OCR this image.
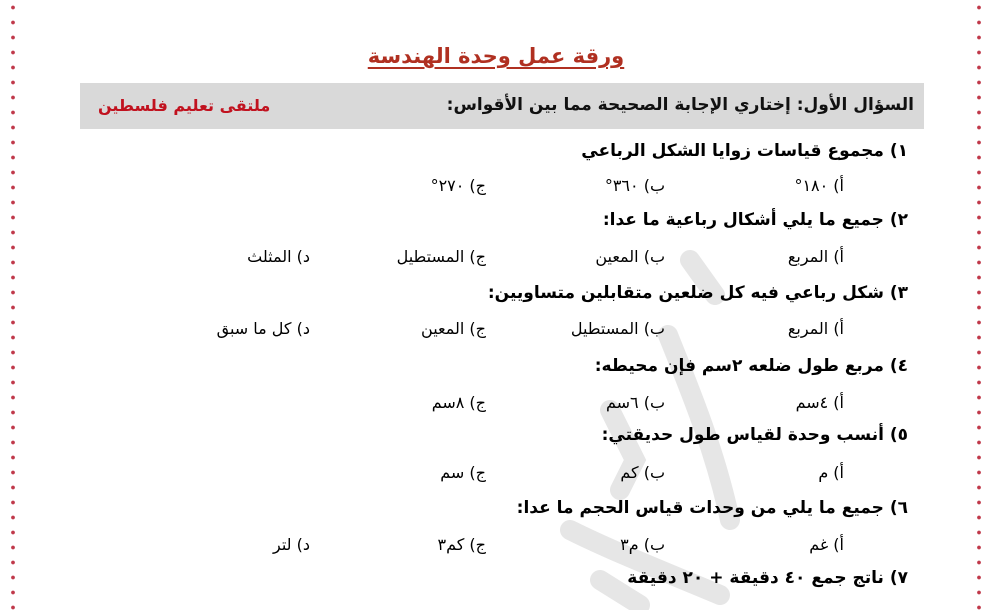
ورقة عمل وحدة الهندسة
السؤال الأول: إختاري الإجابة الصحيحة مما بين الأقواس:
ملتقى تعليم فلسطين
١) مجموع قياسات زوايا الشكل الرباعي
أ) ١٨٠°
ب) ٣٦٠°
ج) ٢٧٠°
٢) جميع ما يلي أشكال رباعية ما عدا:
أ) المربع
ب) المعين
ج) المستطيل
د) المثلث
٣) شكل رباعي فيه كل ضلعين متقابلين متساويين:
أ) المربع
ب) المستطيل
ج) المعين
د) كل ما سبق
٤) مربع طول ضلعه ٢سم فإن محيطه:
أ) ٤سم
ب) ٦سم
ج) ٨سم
٥) أنسب وحدة لقياس طول حديقتي:
أ) م
ب) كم
ج) سم
٦) جميع ما يلي من وحدات قياس الحجم ما عدا:
أ) غم
ب) م٣
ج) كم٣
د) لتر
٧) ناتج جمع ٤٠ دقيقة + ٢٠ دقيقة
